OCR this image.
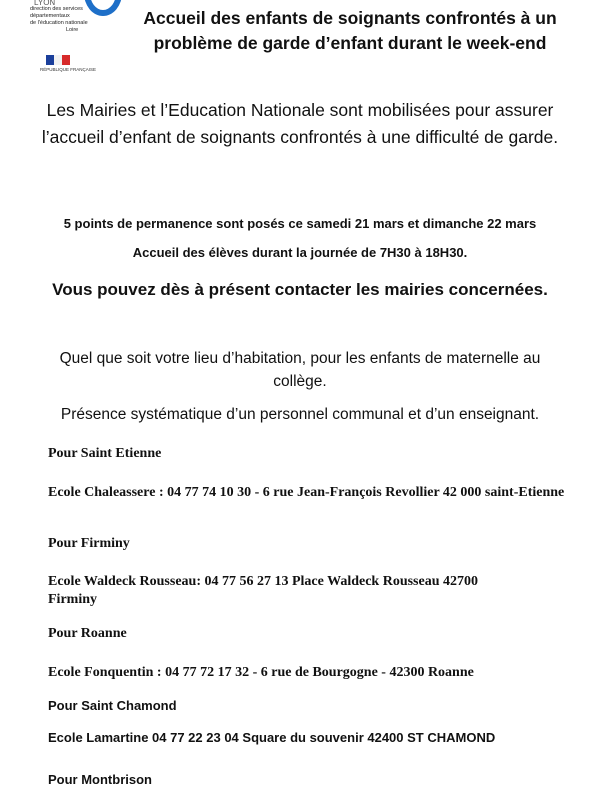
LYON
direction des services
départementaux
de l'éducation nationale
Loire
RÉPUBLIQUE FRANÇAISE
Accueil des enfants de soignants confrontés à un
problème de garde d’enfant durant le week-end
Les Mairies et l’Education Nationale sont mobilisées pour assurer l’accueil d’enfant de soignants confrontés à une difficulté de garde.
5 points de permanence sont posés ce samedi 21 mars et dimanche 22 mars
Accueil des élèves durant la journée de 7H30 à 18H30.
Vous pouvez dès à présent contacter les mairies concernées.
Quel que soit votre lieu d’habitation, pour les enfants de maternelle au collège.
Présence systématique d’un personnel communal et d’un enseignant.
Pour Saint Etienne
Ecole Chaleassere : 04 77 74 10 30 - 6 rue Jean-François Revollier 42 000 saint-Etienne
Pour Firminy
Ecole Waldeck Rousseau: 04 77 56 27 13 Place Waldeck Rousseau 42700 Firminy
Pour Roanne
Ecole Fonquentin : 04 77 72 17 32 - 6 rue de Bourgogne - 42300 Roanne
Pour Saint Chamond
Ecole Lamartine 04 77 22 23 04 Square du souvenir 42400 ST CHAMOND
Pour Montbrison
